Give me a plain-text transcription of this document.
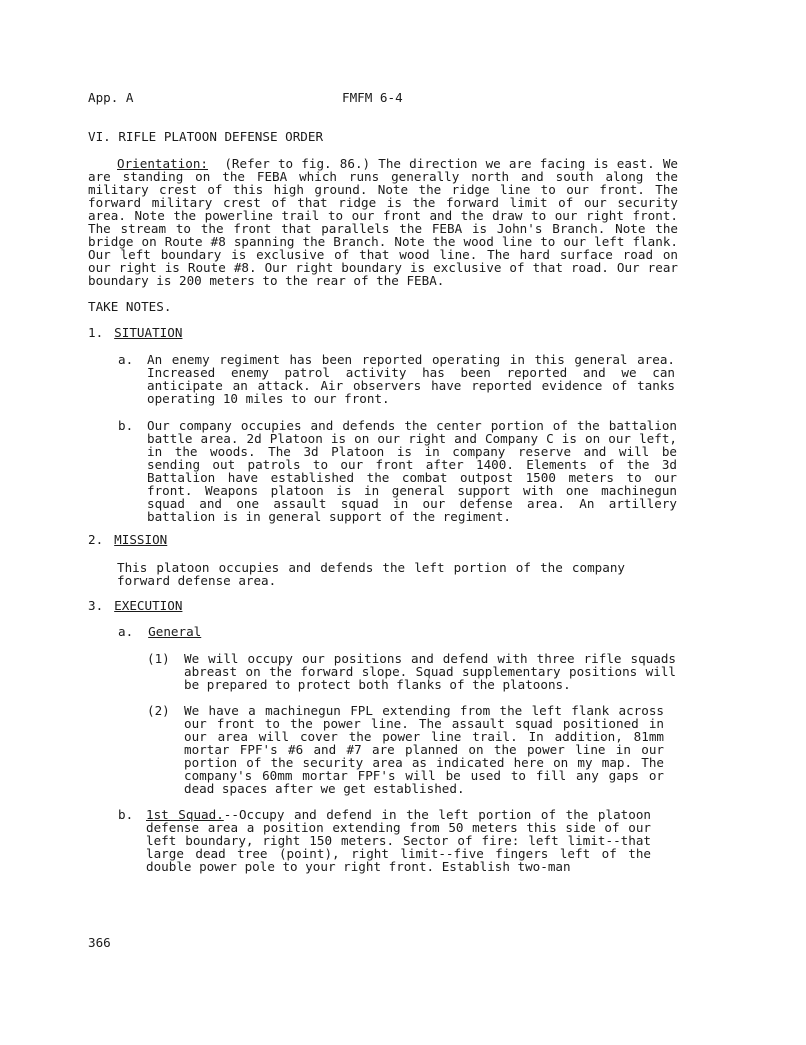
App. A	FMFM 6-4
VI. RIFLE PLATOON DEFENSE ORDER
Orientation: (Refer to fig. 86.) The direction we are facing is east. We are standing on the FEBA which runs generally north and south along the military crest of this high ground. Note the ridge line to our front. The forward military crest of that ridge is the forward limit of our security area. Note the powerline trail to our front and the draw to our right front. The stream to the front that parallels the FEBA is John's Branch. Note the bridge on Route #8 spanning the Branch. Note the wood line to our left flank. Our left boundary is exclusive of that wood line. The hard surface road on our right is Route #8. Our right boundary is exclusive of that road. Our rear boundary is 200 meters to the rear of the FEBA.
TAKE NOTES.
1. SITUATION
a. An enemy regiment has been reported operating in this general area. Increased enemy patrol activity has been reported and we can anticipate an attack. Air observers have reported evidence of tanks operating 10 miles to our front.
b. Our company occupies and defends the center portion of the battalion battle area. 2d Platoon is on our right and Company C is on our left, in the woods. The 3d Platoon is in company reserve and will be sending out patrols to our front after 1400. Elements of the 3d Battalion have established the combat outpost 1500 meters to our front. Weapons platoon is in general support with one machinegun squad and one assault squad in our defense area. An artillery battalion is in general support of the regiment.
2. MISSION
This platoon occupies and defends the left portion of the company forward defense area.
3. EXECUTION
a. General
(1) We will occupy our positions and defend with three rifle squads abreast on the forward slope. Squad supplementary positions will be prepared to protect both flanks of the platoons.
(2) We have a machinegun FPL extending from the left flank across our front to the power line. The assault squad positioned in our area will cover the power line trail. In addition, 81mm mortar FPF's #6 and #7 are planned on the power line in our portion of the security area as indicated here on my map. The company's 60mm mortar FPF's will be used to fill any gaps or dead spaces after we get established.
b. 1st Squad.--Occupy and defend in the left portion of the platoon defense area a position extending from 50 meters this side of our left boundary, right 150 meters. Sector of fire: left limit--that large dead tree (point), right limit--five fingers left of the double power pole to your right front. Establish two-man
366
